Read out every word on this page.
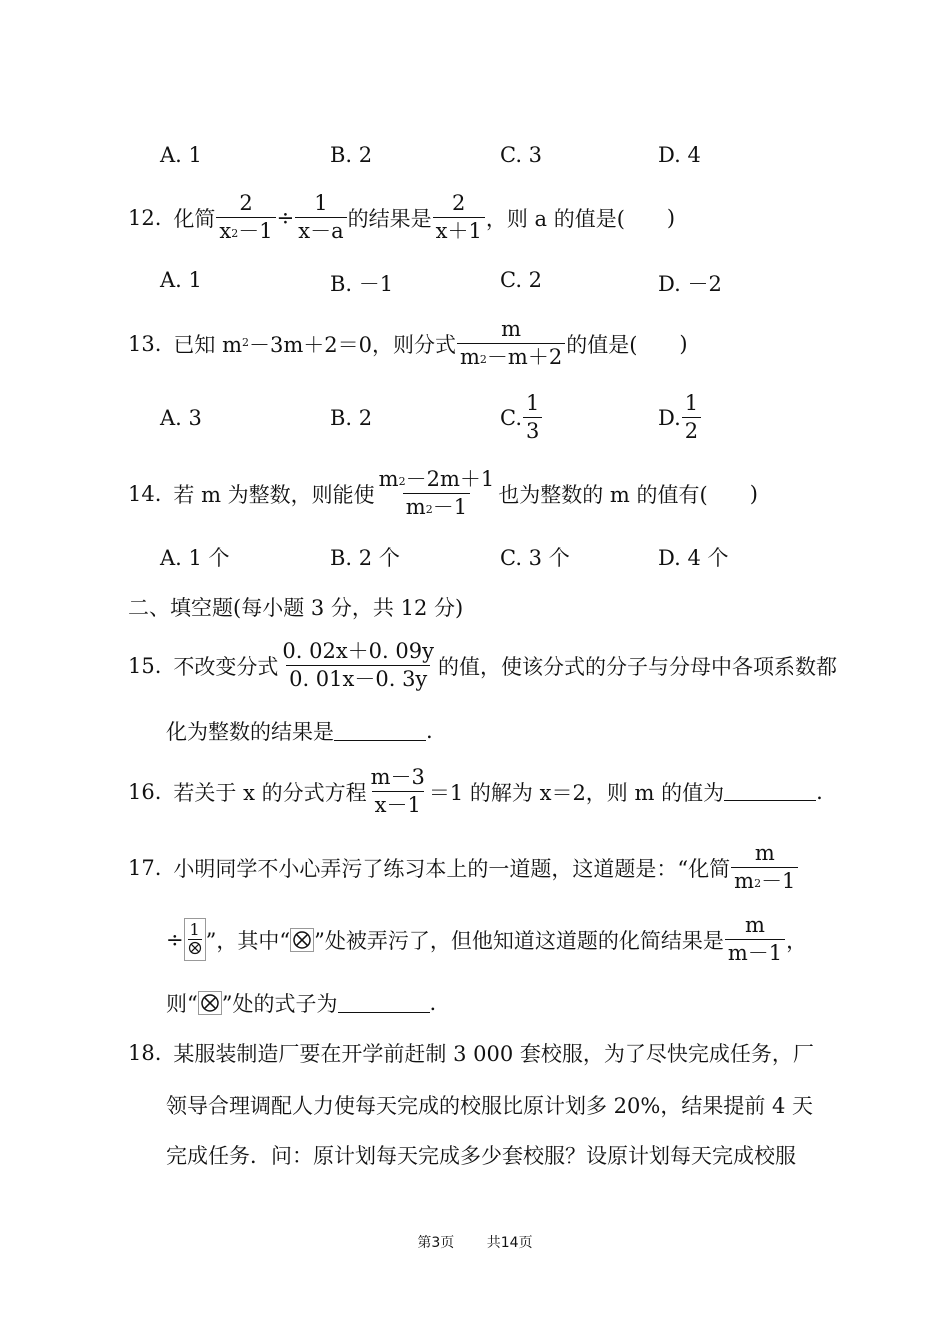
A. 1	B. 2	C. 3	D. 4
12. 化简 $\frac{2}{x2-1} \div \frac{1}{x-a}$ 的结果是 $\frac{2}{x+1}$ ，则 a 的值是( )
A. 1	B. －1	C. 2	D. －2
13. 已知 m 2 －3m＋2＝0，则分式 $\frac{m}{m2-m+2}$ 的值是( )
A. 3	B. 2	C. $\frac{1}{3}$	D. $\frac{1}{2}$
14. 若 m 为整数，则能使 $\frac{m2-2m+1}{m2-1}$ 也为整数的 m 的值有( )
A. 1 个	B. 2 个	C. 3 个	D. 4 个
二、填空题(每小题 3 分，共 12 分)
15. 不改变分式 $\frac{0. 02x+0. 09y}{0. 01x-0. 3y}$ 的值，使该分式的分子与分母中各项系数都
化为整数的结果是	.
16. 若关于 x 的分式方程 $\frac{m-3}{x-1} =1$ 的解为 x＝2，则 m 的值为	.
17. 小明同学不小心弄污了练习本上的一道题，这道题是：“化简 $\frac{m}{m2-1}$
÷ 1 ”，其中“ ”处被弄污了，但他知道这道题的化简结果是 $\frac{m}{m-1}$ ，
则“ ”处的式子为	.
18. 某服装制造厂要在开学前赶制 3 000 套校服，为了尽快完成任务，厂
领导合理调配人力使每天完成的校服比原计划多 20%，结果提前 4 天
完成任务．问：原计划每天完成多少套校服？设原计划每天完成校服
第3页 共14页
